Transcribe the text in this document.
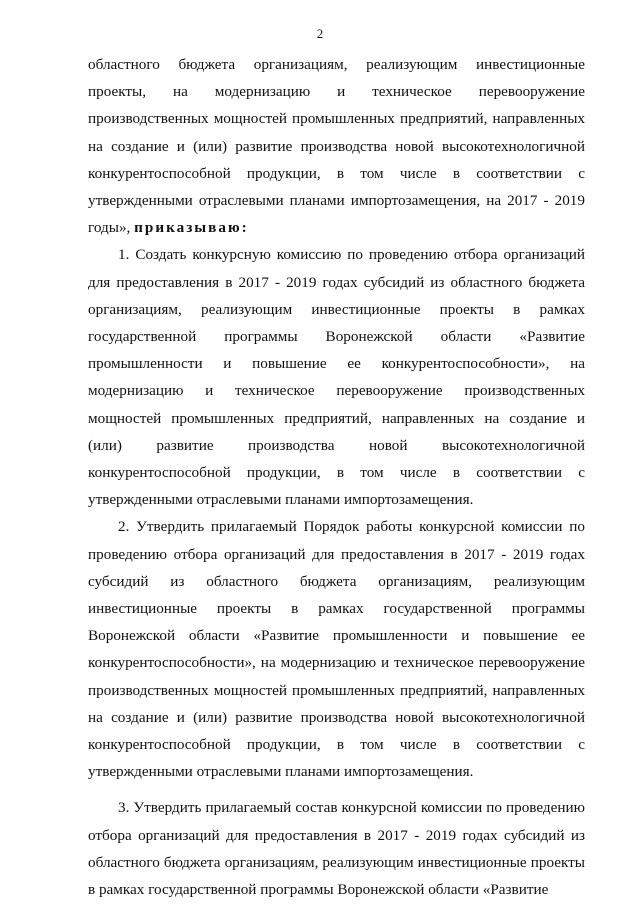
2

областного бюджета организациям, реализующим инвестиционные проекты, на модернизацию и техническое перевооружение производственных мощностей промышленных предприятий, направленных на создание и (или) развитие производства новой высокотехнологичной конкурентоспособной продукции, в том числе в соответствии с утвержденными отраслевыми планами импортозамещения, на 2017 - 2019 годы», приказываю:

1. Создать конкурсную комиссию по проведению отбора организаций для предоставления в 2017 - 2019 годах субсидий из областного бюджета организациям, реализующим инвестиционные проекты в рамках государственной программы Воронежской области «Развитие промышленности и повышение ее конкурентоспособности», на модернизацию и техническое перевооружение производственных мощностей промышленных предприятий, направленных на создание и (или) развитие производства новой высокотехнологичной конкурентоспособной продукции, в том числе в соответствии с утвержденными отраслевыми планами импортозамещения.

2. Утвердить прилагаемый Порядок работы конкурсной комиссии по проведению отбора организаций для предоставления в 2017 - 2019 годах субсидий из областного бюджета организациям, реализующим инвестиционные проекты в рамках государственной программы Воронежской области «Развитие промышленности и повышение ее конкурентоспособности», на модернизацию и техническое перевооружение производственных мощностей промышленных предприятий, направленных на создание и (или) развитие производства новой высокотехнологичной конкурентоспособной продукции, в том числе в соответствии с утвержденными отраслевыми планами импортозамещения.

3. Утвердить прилагаемый состав конкурсной комиссии по проведению отбора организаций для предоставления в 2017 - 2019 годах субсидий из областного бюджета организациям, реализующим инвестиционные проекты в рамках государственной программы Воронежской области «Развитие
